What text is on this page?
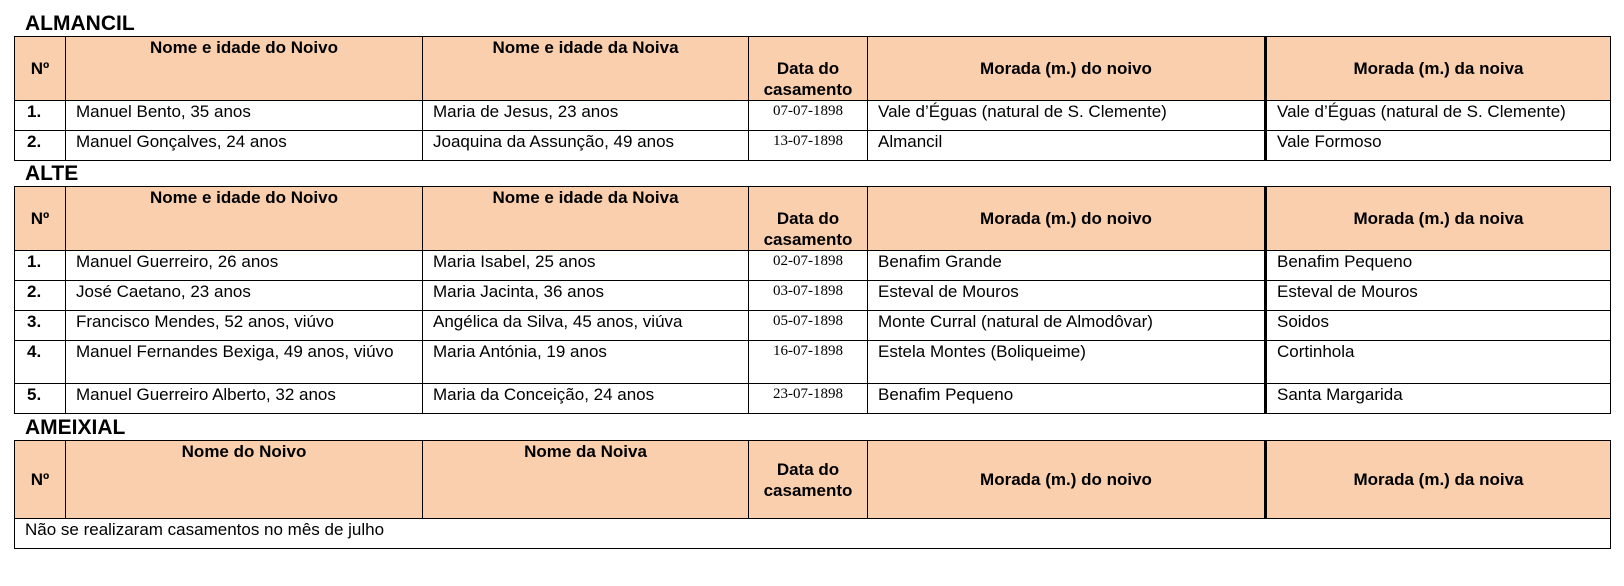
ALMANCIL
Nº	Nome e idade do Noivo	Nome e idade da Noiva	Data do casamento	Morada (m.) do noivo	Morada (m.) da noiva
1.	Manuel Bento, 35 anos	Maria de Jesus, 23 anos	07-07-1898	Vale d’Éguas (natural de S. Clemente)	Vale d’Éguas (natural de S. Clemente)
2.	Manuel Gonçalves, 24 anos	Joaquina da Assunção, 49 anos	13-07-1898	Almancil	Vale Formoso
ALTE
Nº	Nome e idade do Noivo	Nome e idade da Noiva	Data do casamento	Morada (m.) do noivo	Morada (m.) da noiva
1.	Manuel Guerreiro, 26 anos	Maria Isabel, 25 anos	02-07-1898	Benafim Grande	Benafim Pequeno
2.	José Caetano, 23 anos	Maria Jacinta, 36 anos	03-07-1898	Esteval de Mouros	Esteval de Mouros
3.	Francisco Mendes, 52 anos, viúvo	Angélica da Silva, 45 anos, viúva	05-07-1898	Monte Curral (natural de Almodôvar)	Soidos
4.	Manuel Fernandes Bexiga, 49 anos, viúvo	Maria Antónia, 19 anos	16-07-1898	Estela Montes (Boliqueime)	Cortinhola
5.	Manuel Guerreiro Alberto, 32 anos	Maria da Conceição, 24 anos	23-07-1898	Benafim Pequeno	Santa Margarida
AMEIXIAL
Nº	Nome do Noivo	Nome da Noiva	Data do casamento	Morada (m.) do noivo	Morada (m.) da noiva
Não se realizaram casamentos no mês de julho
